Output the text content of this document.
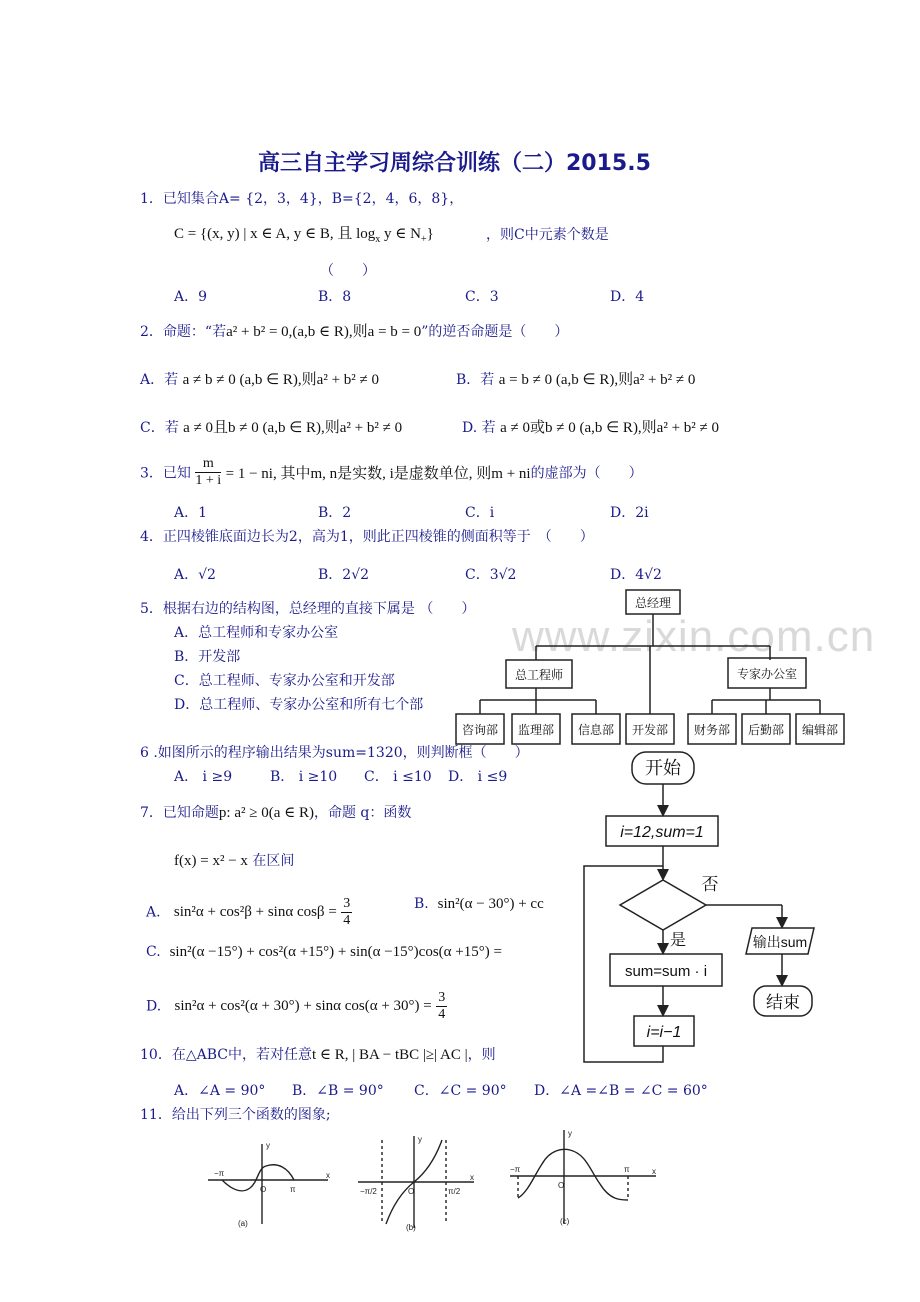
高三自主学习周综合训练（二）2015.5
www.zixin.com.cn
1．已知集合A= {2，3，4}，B={2，4，6，8}，
C = {(x, y) | x ∈ A, y ∈ B, 且 $\log_x y$ ∈ $N_+$}	，则C中元素个数是
（　　）
A．9	B．8	C．3	D．4
2．命题：“若a² + b² = 0,(a,b ∈ R),则a = b = 0”的逆否命题是（　　）
A．若 a ≠ b ≠ 0 (a,b ∈ R),则a² + b² ≠ 0	B．若 a = b ≠ 0 (a,b ∈ R),则a² + b² ≠ 0
C．若 a ≠ 0且b ≠ 0 (a,b ∈ R),则a² + b² ≠ 0	D. 若 a ≠ 0或b ≠ 0 (a,b ∈ R),则a² + b² ≠ 0
3．已知 $\frac{m}{1 + i} = 1$ − ni, 其中m, n是实数, i是虚数单位, 则m + ni的虚部为（　　）
A．1	B．2	C．i	D．2i
4．正四棱锥底面边长为2，高为1，则此正四棱锥的侧面积等于　（　　）
A．√2	B．2√2	C．3√2	D．4√2
5．根据右边的结构图，总经理的直接下属是 （　　）
A．总工程师和专家办公室
B．开发部
C．总工程师、专家办公室和开发部
D．总工程师、专家办公室和所有七个部
总经理
总工程师	专家办公室
咨询部 监理部 信息部 开发部 财务部 后勤部 编辑部
6 .如图所示的程序输出结果为sum=1320，则判断框（　　）
A． i ≥9	B． i ≥10 C． i ≤10 D． i ≤9	开始
i=12,sum=1
否
是	输出sum
结束
sum=sum · i
i=i−1
7．已知命题p: a² ≥ 0(a ∈ R)，命题 q：函数
f(x) = x² − x 在区间
A. sin²α + cos²β + sinα $\cos\beta = \frac{3}{4}$	B. sin²(α − 30°) + cc
C. sin²(α −15°) + cos²(α +15°) + sin(α −15°)cos(α +15°) =
D. sin²α + cos²(α + 30°) + sinα $\cos(\alpha + 30^\circ) = \frac{3}{4}$
10．在△ABC中，若对任意t ∈ R, | BA − tBC |≥| AC |，则
A．∠A = 90° B．∠B = 90° C．∠C = 90° D．∠A =∠B = ∠C = 60°
11．给出下列三个函数的图象;
y
x
O
−π
π
(a)
y
x
O
−π/2	π/2
(b)
y
x
O
−π	π
(c)
